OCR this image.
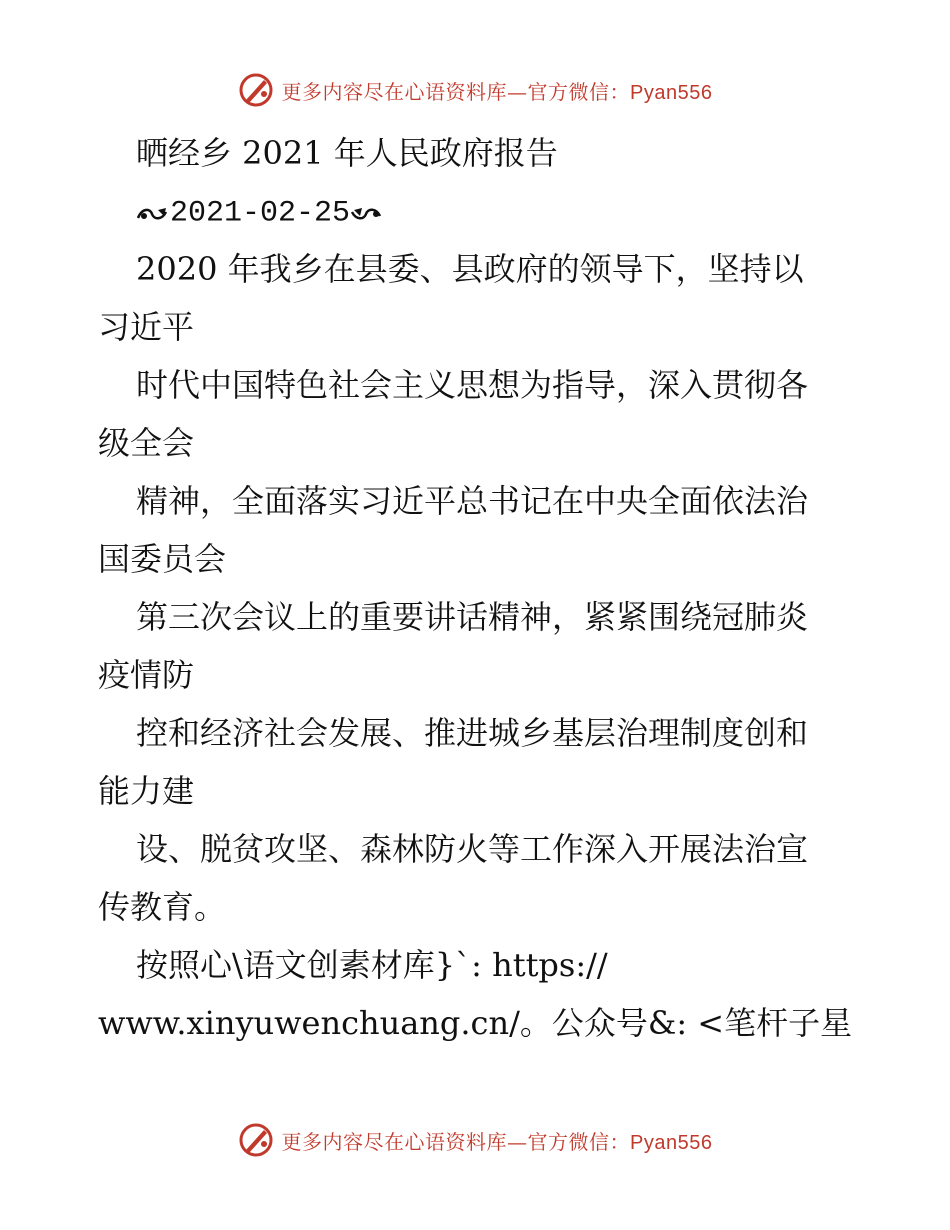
更多内容尽在心语资料库—官方微信：Pyan556
晒经乡 2021 年人民政府报告
2021-02-25
2020 年我乡在县委、县政府的领导下，坚持以
习近平
时代中国特色社会主义思想为指导，深入贯彻各
级全会
精神，全面落实习近平总书记在中央全面依法治
国委员会
第三次会议上的重要讲话精神，紧紧围绕冠肺炎
疫情防
控和经济社会发展、推进城乡基层治理制度创和
能力建
设、脱贫攻坚、森林防火等工作深入开展法治宣
传教育。
按照心\语文创素材库}`: https://
www.xinyuwenchuang.cn/。公众号&: <笔杆子星
更多内容尽在心语资料库—官方微信：Pyan556
